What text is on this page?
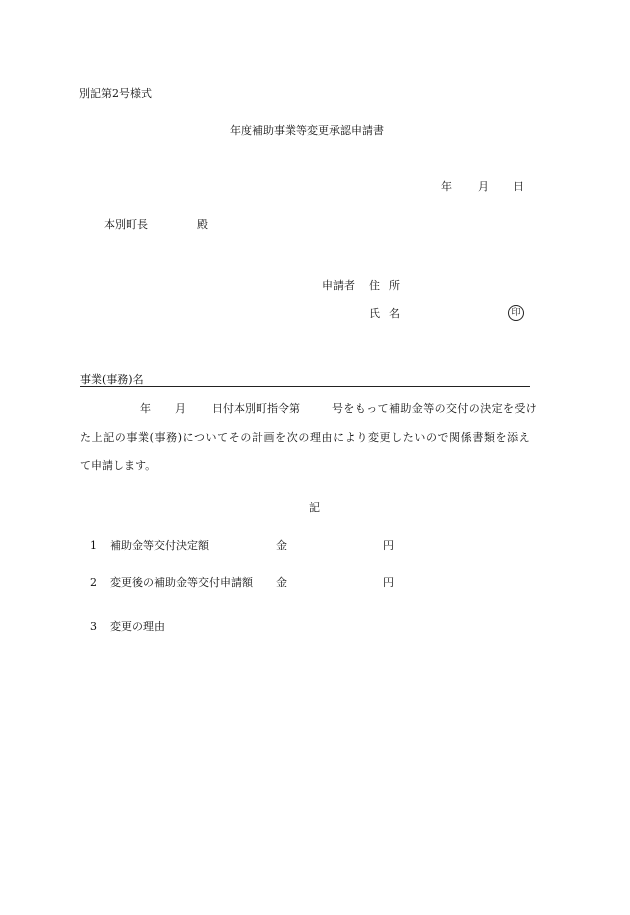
別記第2号様式
年度補助事業等変更承認申請書
年 月 日
本別町長	殿
申請者 住所
氏名	印
事業(事務)名
年 月 日付本別町指令第	号をもって補助金等の交付の決定を受け
た上記の事業(事務)についてその計画を次の理由により変更したいので関係書類を添え
て申請します。
記
1 補助金等交付決定額	金	円
2 変更後の補助金等交付申請額 金	円
3 変更の理由
